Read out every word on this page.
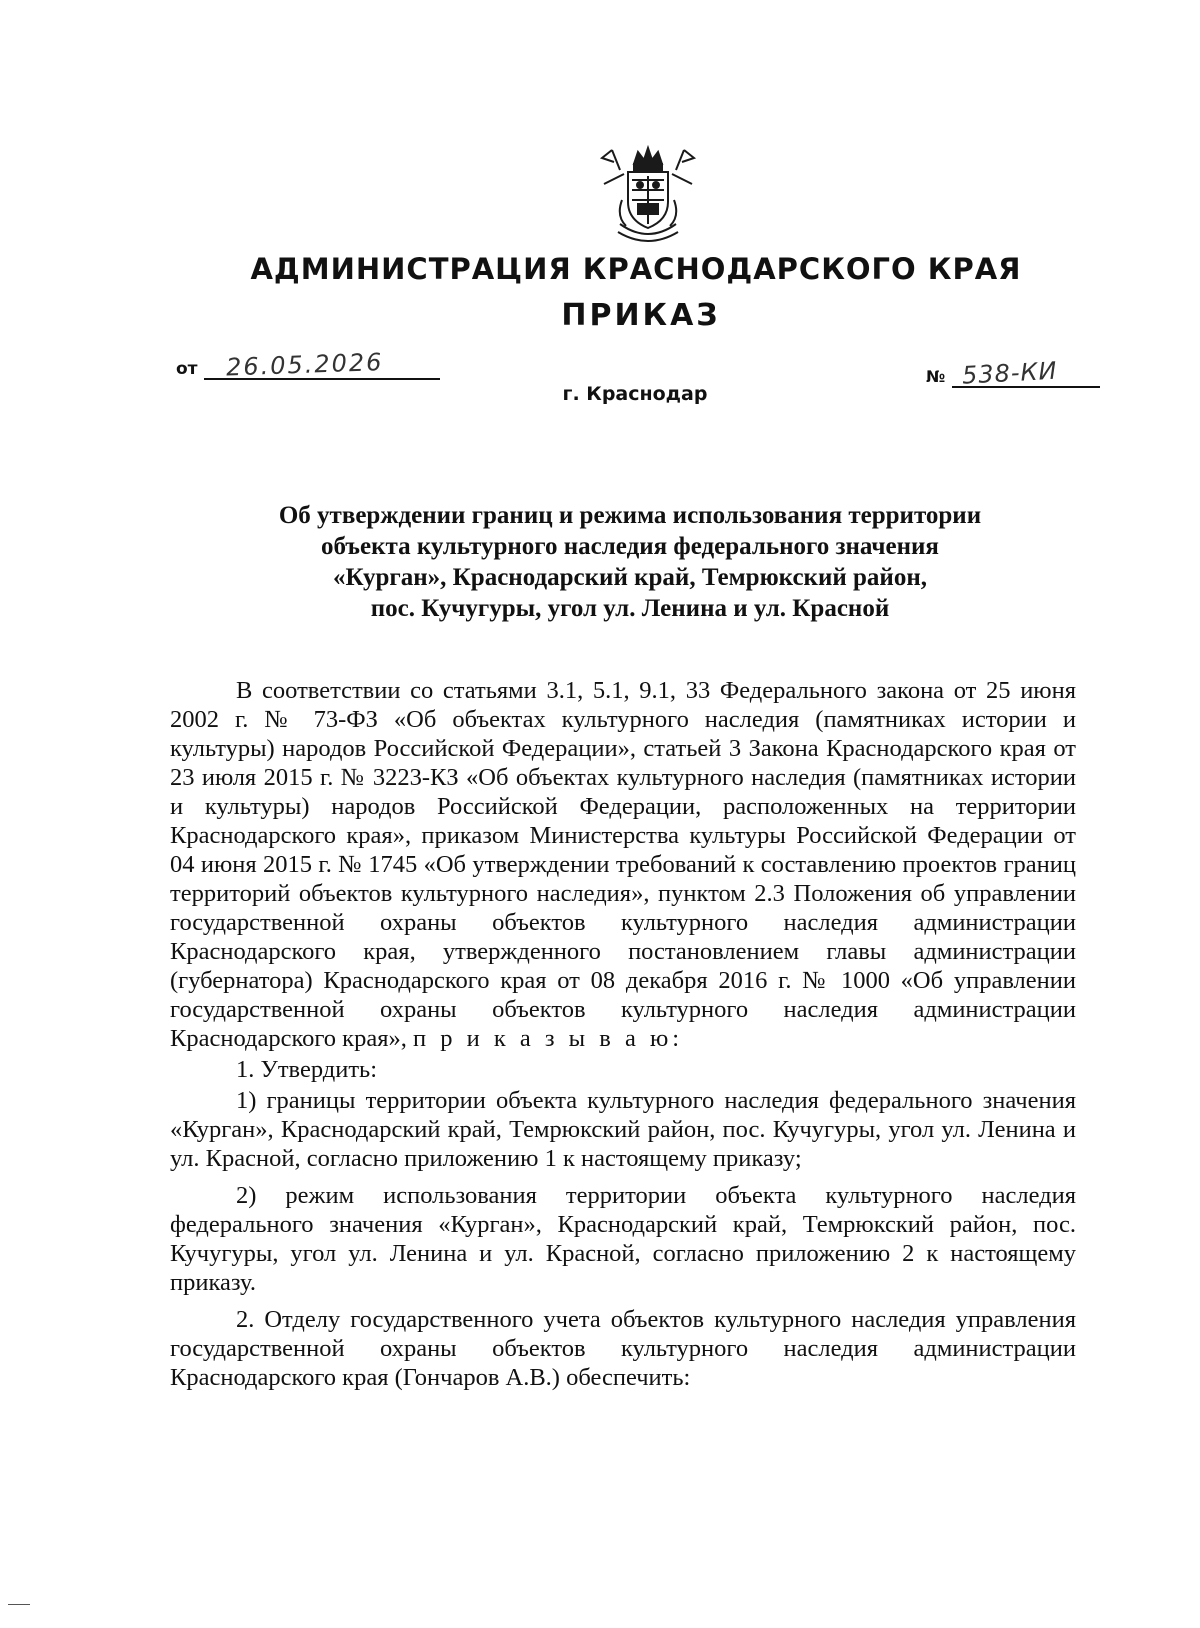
АДМИНИСТРАЦИЯ КРАСНОДАРСКОГО КРАЯ
ПРИКАЗ
от 26.05.2026
г. Краснодар
№ 538-КИ
Об утверждении границ и режима использования территории
объекта культурного наследия федерального значения
«Курган», Краснодарский край, Темрюкский район,
пос. Кучугуры, угол ул. Ленина и ул. Красной

В соответствии со статьями 3.1, 5.1, 9.1, 33 Федерального закона от 25 июня 2002 г. № 73-ФЗ «Об объектах культурного наследия (памятниках истории и культуры) народов Российской Федерации», статьей 3 Закона Краснодарского края от 23 июля 2015 г. № 3223-КЗ «Об объектах культурного наследия (памятниках истории и культуры) народов Российской Федерации, расположенных на территории Краснодарского края», приказом Министерства культуры Российской Федерации от 04 июня 2015 г. № 1745 «Об утверждении требований к составлению проектов границ территорий объектов культурного наследия», пунктом 2.3 Положения об управлении государственной охраны объектов культурного наследия администрации Краснодарского края, утвержденного постановлением главы администрации (губернатора) Краснодарского края от 08 декабря 2016 г. № 1000 «Об управлении государственной охраны объектов культурного наследия администрации Краснодарского края», п р и к а з ы в а ю:

1. Утвердить:

1) границы территории объекта культурного наследия федерального значения «Курган», Краснодарский край, Темрюкский район, пос. Кучугуры, угол ул. Ленина и ул. Красной, согласно приложению 1 к настоящему приказу;

2) режим использования территории объекта культурного наследия федерального значения «Курган», Краснодарский край, Темрюкский район, пос. Кучугуры, угол ул. Ленина и ул. Красной, согласно приложению 2 к настоящему приказу.

2. Отделу государственного учета объектов культурного наследия управления государственной охраны объектов культурного наследия администрации Краснодарского края (Гончаров А.В.) обеспечить:
